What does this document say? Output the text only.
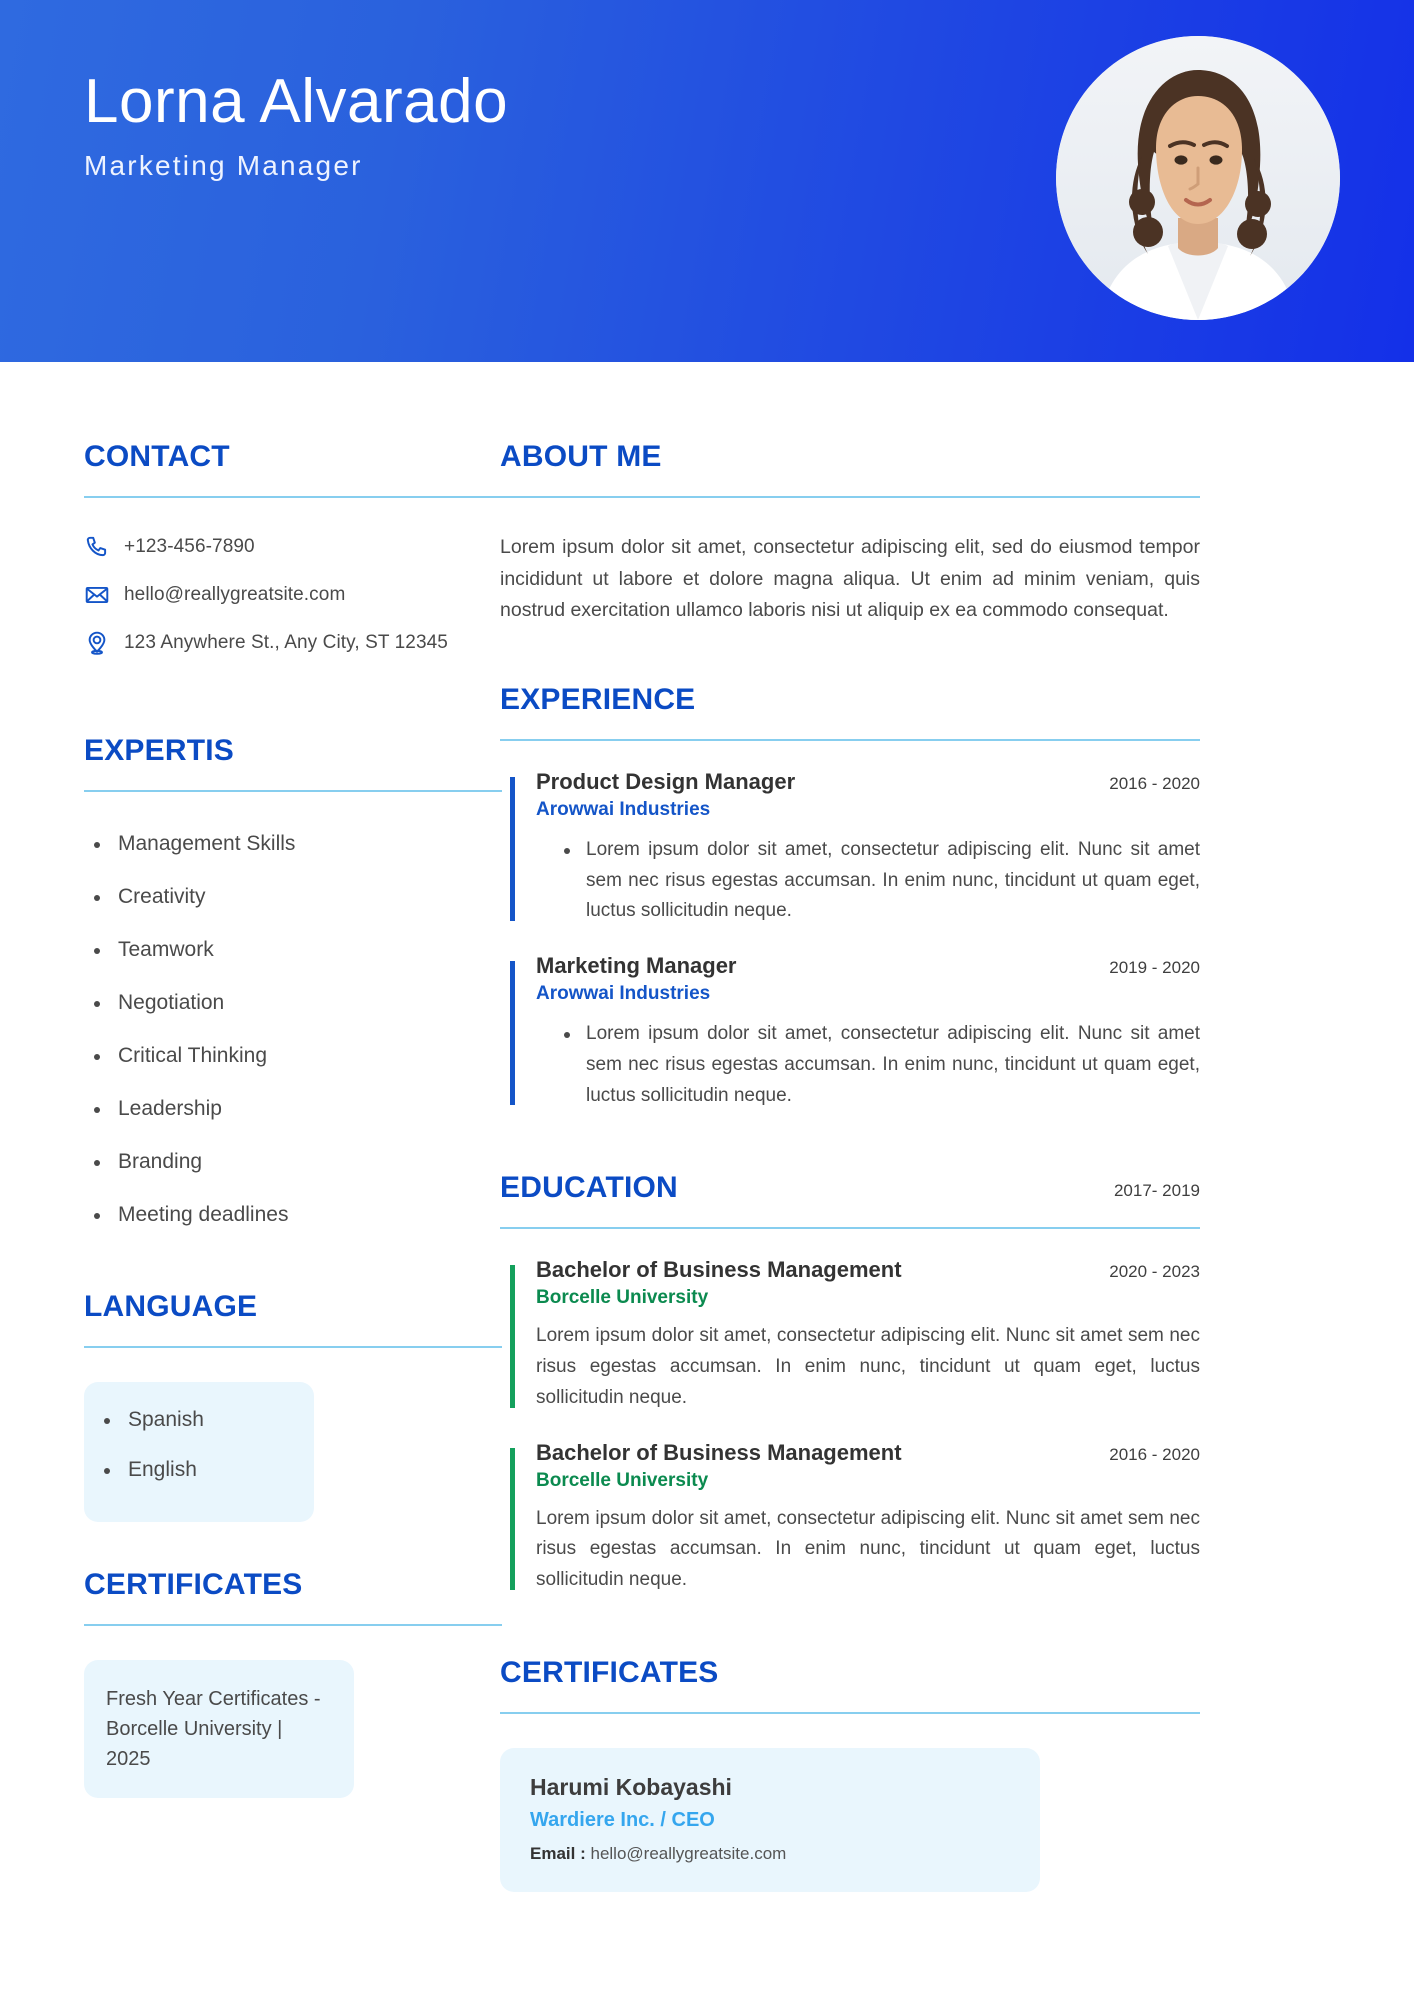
Lorna Alvarado
Marketing Manager
CONTACT
+123-456-7890
hello@reallygreatsite.com
123 Anywhere St., Any City, ST 12345
EXPERTIS
Management Skills
Creativity
Teamwork
Negotiation
Critical Thinking
Leadership
Branding
Meeting deadlines
LANGUAGE
Spanish
English
CERTIFICATES
Fresh Year Certificates - Borcelle University | 2025
ABOUT ME

Lorem ipsum dolor sit amet, consectetur adipiscing elit, sed do eiusmod tempor incididunt ut labore et dolore magna aliqua. Ut enim ad minim veniam, quis nostrud exercitation ullamco laboris nisi ut aliquip ex ea commodo consequat.

EXPERIENCE
Product Design Manager	2016 - 2020
Arowwai Industries
Lorem ipsum dolor sit amet, consectetur adipiscing elit. Nunc sit amet sem nec risus egestas accumsan. In enim nunc, tincidunt ut quam eget, luctus sollicitudin neque.
Marketing Manager	2019 - 2020
Arowwai Industries
Lorem ipsum dolor sit amet, consectetur adipiscing elit. Nunc sit amet sem nec risus egestas accumsan. In enim nunc, tincidunt ut quam eget, luctus sollicitudin neque.
EDUCATION	2017- 2019
Bachelor of Business Management	2020 - 2023
Borcelle University

Lorem ipsum dolor sit amet, consectetur adipiscing elit. Nunc sit amet sem nec risus egestas accumsan. In enim nunc, tincidunt ut quam eget, luctus sollicitudin neque.

Bachelor of Business Management	2016 - 2020
Borcelle University

Lorem ipsum dolor sit amet, consectetur adipiscing elit. Nunc sit amet sem nec risus egestas accumsan. In enim nunc, tincidunt ut quam eget, luctus sollicitudin neque.

CERTIFICATES
Harumi Kobayashi
Wardiere Inc. / CEO
Email : hello@reallygreatsite.com
